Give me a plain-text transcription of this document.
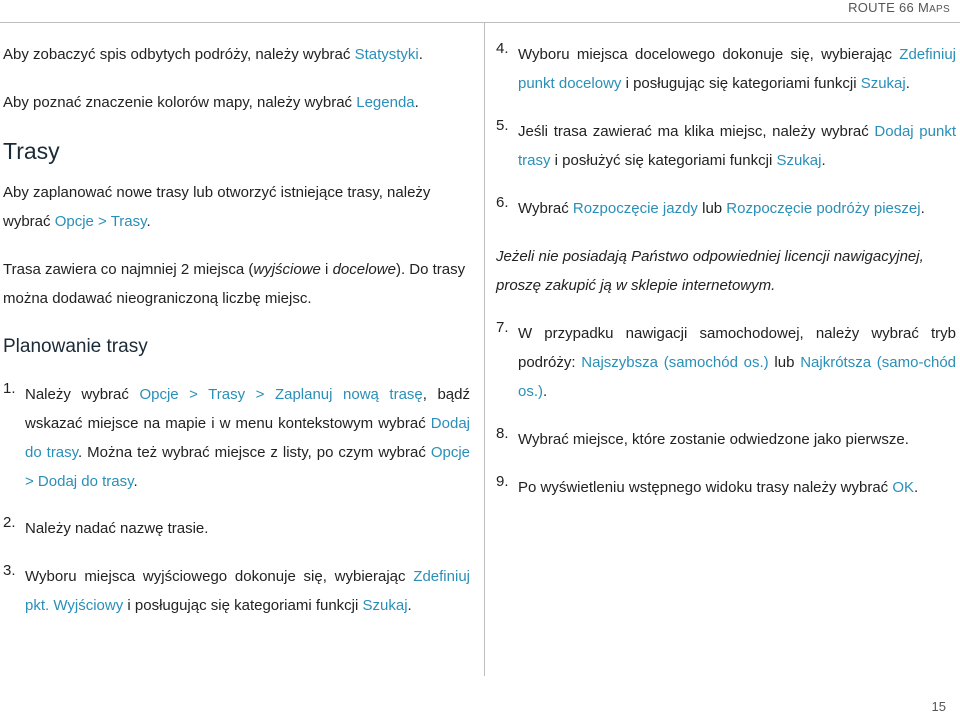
ROUTE 66 MAPS

Aby zobaczyć spis odbytych podróży, należy wybrać Statystyki.

Aby poznać znaczenie kolorów mapy, należy wybrać Legenda.

Trasy

Aby zaplanować nowe trasy lub otworzyć istniejące trasy, należy wybrać Opcje > Trasy.

Trasa zawiera co najmniej 2 miejsca (wyjściowe i docelowe). Do trasy można dodawać nieograniczoną liczbę miejsc.

Planowanie trasy
1. Należy wybrać Opcje > Trasy > Zaplanuj nową trasę, bądź wskazać miejsce na mapie i w menu kontekstowym wybrać Dodaj do trasy. Można też wybrać miejsce z listy, po czym wybrać Opcje > Dodaj do trasy.

2. Należy nadać nazwę trasie.

3. Wyboru miejsca wyjściowego dokonuje się, wybierając Zdefiniuj pkt. Wyjściowy i posługując się kategoriami funkcji Szukaj.

4. Wyboru miejsca docelowego dokonuje się, wybierając Zdefiniuj punkt docelowy i posługując się kategoriami funkcji Szukaj.

5. Jeśli trasa zawierać ma klika miejsc, należy wybrać Dodaj punkt trasy i posłużyć się kategoriami funkcji Szukaj.

6. Wybrać Rozpoczęcie jazdy lub Rozpoczęcie podróży pieszej.

Jeżeli nie posiadają Państwo odpowiedniej licencji nawigacyjnej, proszę zakupić ją w sklepie internetowym.

7. W przypadku nawigacji samochodowej, należy wybrać tryb podróży: Najszybsza (samochód os.) lub Najkrótsza (samo-chód os.).

8. Wybrać miejsce, które zostanie odwiedzone jako pierwsze.

9. Po wyświetleniu wstępnego widoku trasy należy wybrać OK.

15
